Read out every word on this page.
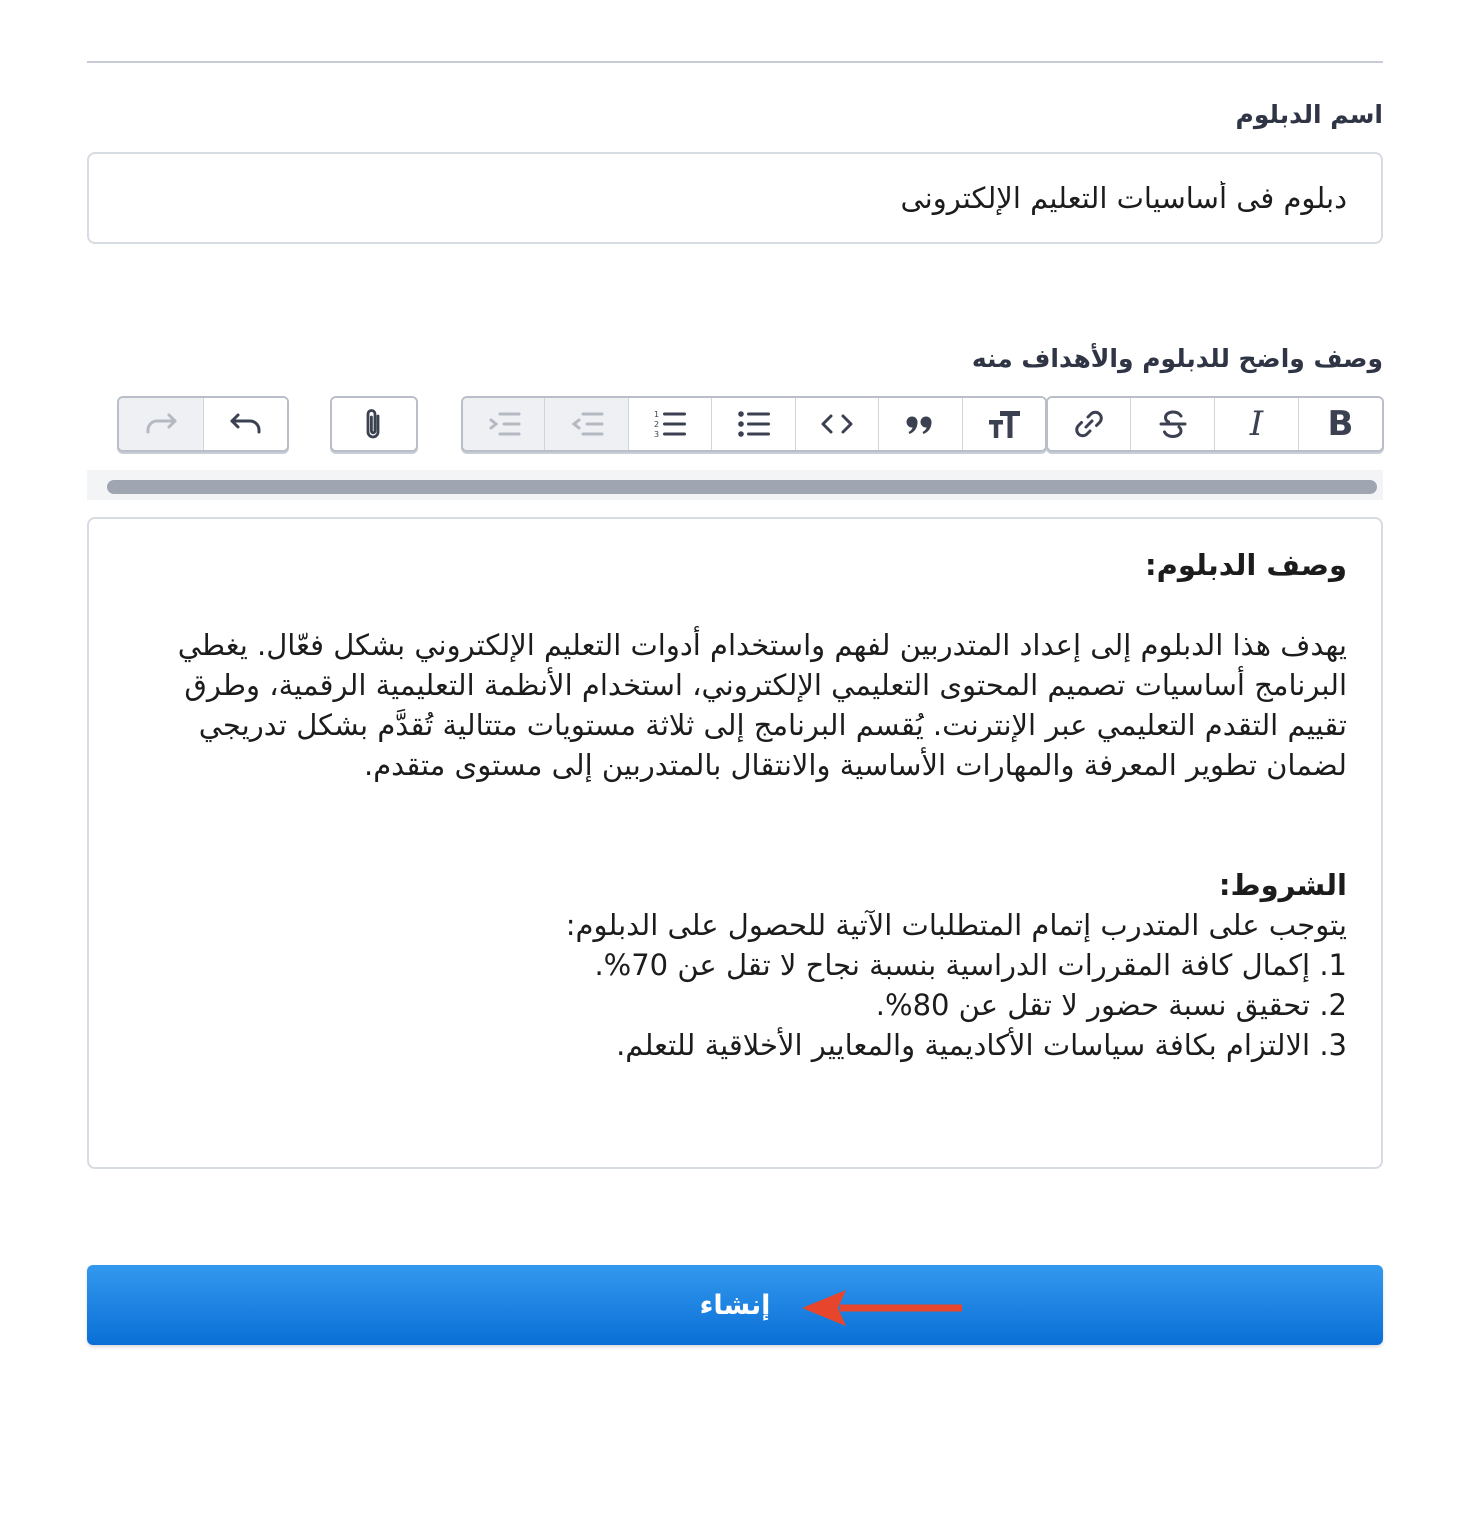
اسم الدبلوم
دبلوم فى أساسيات التعليم الإلكترونى
وصف واضح للدبلوم والأهداف منه
B
I
1
2
3

وصف الدبلوم:

يهدف هذا الدبلوم إلى إعداد المتدربين لفهم واستخدام أدوات التعليم الإلكتروني بشكل فعّال. يغطي البرنامج أساسيات تصميم المحتوى التعليمي الإلكتروني، استخدام الأنظمة التعليمية الرقمية، وطرق تقييم التقدم التعليمي عبر الإنترنت. يُقسم البرنامج إلى ثلاثة مستويات متتالية تُقدَّم بشكل تدريجي لضمان تطوير المعرفة والمهارات الأساسية والانتقال بالمتدربين إلى مستوى متقدم.

الشروط:

يتوجب على المتدرب إتمام المتطلبات الآتية للحصول على الدبلوم:

1. إكمال كافة المقررات الدراسية بنسبة نجاح لا تقل عن 70%.

2. تحقيق نسبة حضور لا تقل عن 80%.

3. الالتزام بكافة سياسات الأكاديمية والمعايير الأخلاقية للتعلم.

إنشاء
